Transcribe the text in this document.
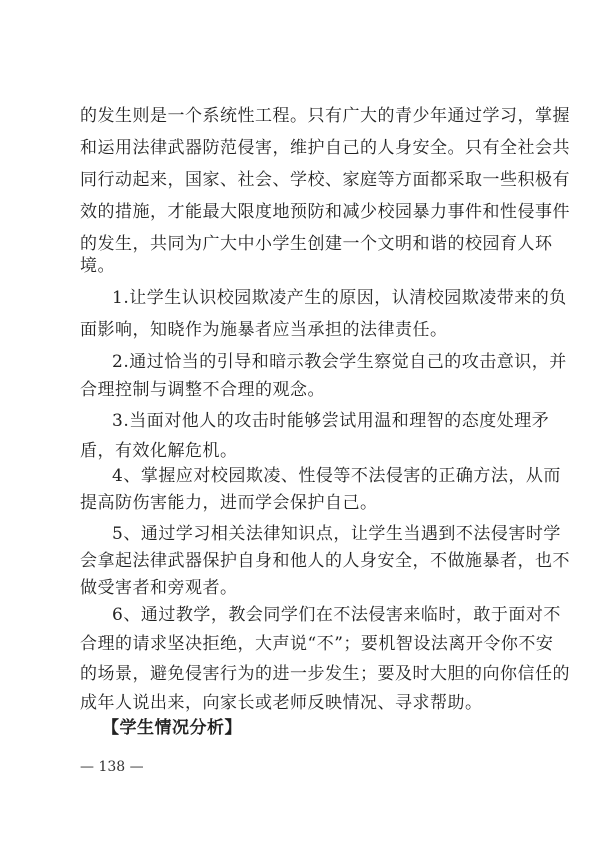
的发生则是一个系统性工程。只有广大的青少年通过学习，掌握
和运用法律武器防范侵害，维护自己的人身安全。只有全社会共
同行动起来，国家、社会、学校、家庭等方面都采取一些积极有
效的措施，才能最大限度地预防和减少校园暴力事件和性侵事件
的发生，共同为广大中小学生创建一个文明和谐的校园育人环
境。
1.让学生认识校园欺凌产生的原因，认清校园欺凌带来的负
面影响，知晓作为施暴者应当承担的法律责任。
2.通过恰当的引导和暗示教会学生察觉自己的攻击意识，并
合理控制与调整不合理的观念。
3.当面对他人的攻击时能够尝试用温和理智的态度处理矛
盾，有效化解危机。
4、掌握应对校园欺凌、性侵等不法侵害的正确方法，从而
提高防伤害能力，进而学会保护自己。
5、通过学习相关法律知识点，让学生当遇到不法侵害时学
会拿起法律武器保护自身和他人的人身安全，不做施暴者，也不
做受害者和旁观者。
6、通过教学，教会同学们在不法侵害来临时，敢于面对不
合理的请求坚决拒绝，大声说“不”；要机智设法离开令你不安
的场景，避免侵害行为的进一步发生；要及时大胆的向你信任的
成年人说出来，向家长或老师反映情况、寻求帮助。
【学生情况分析】
— 138 —
